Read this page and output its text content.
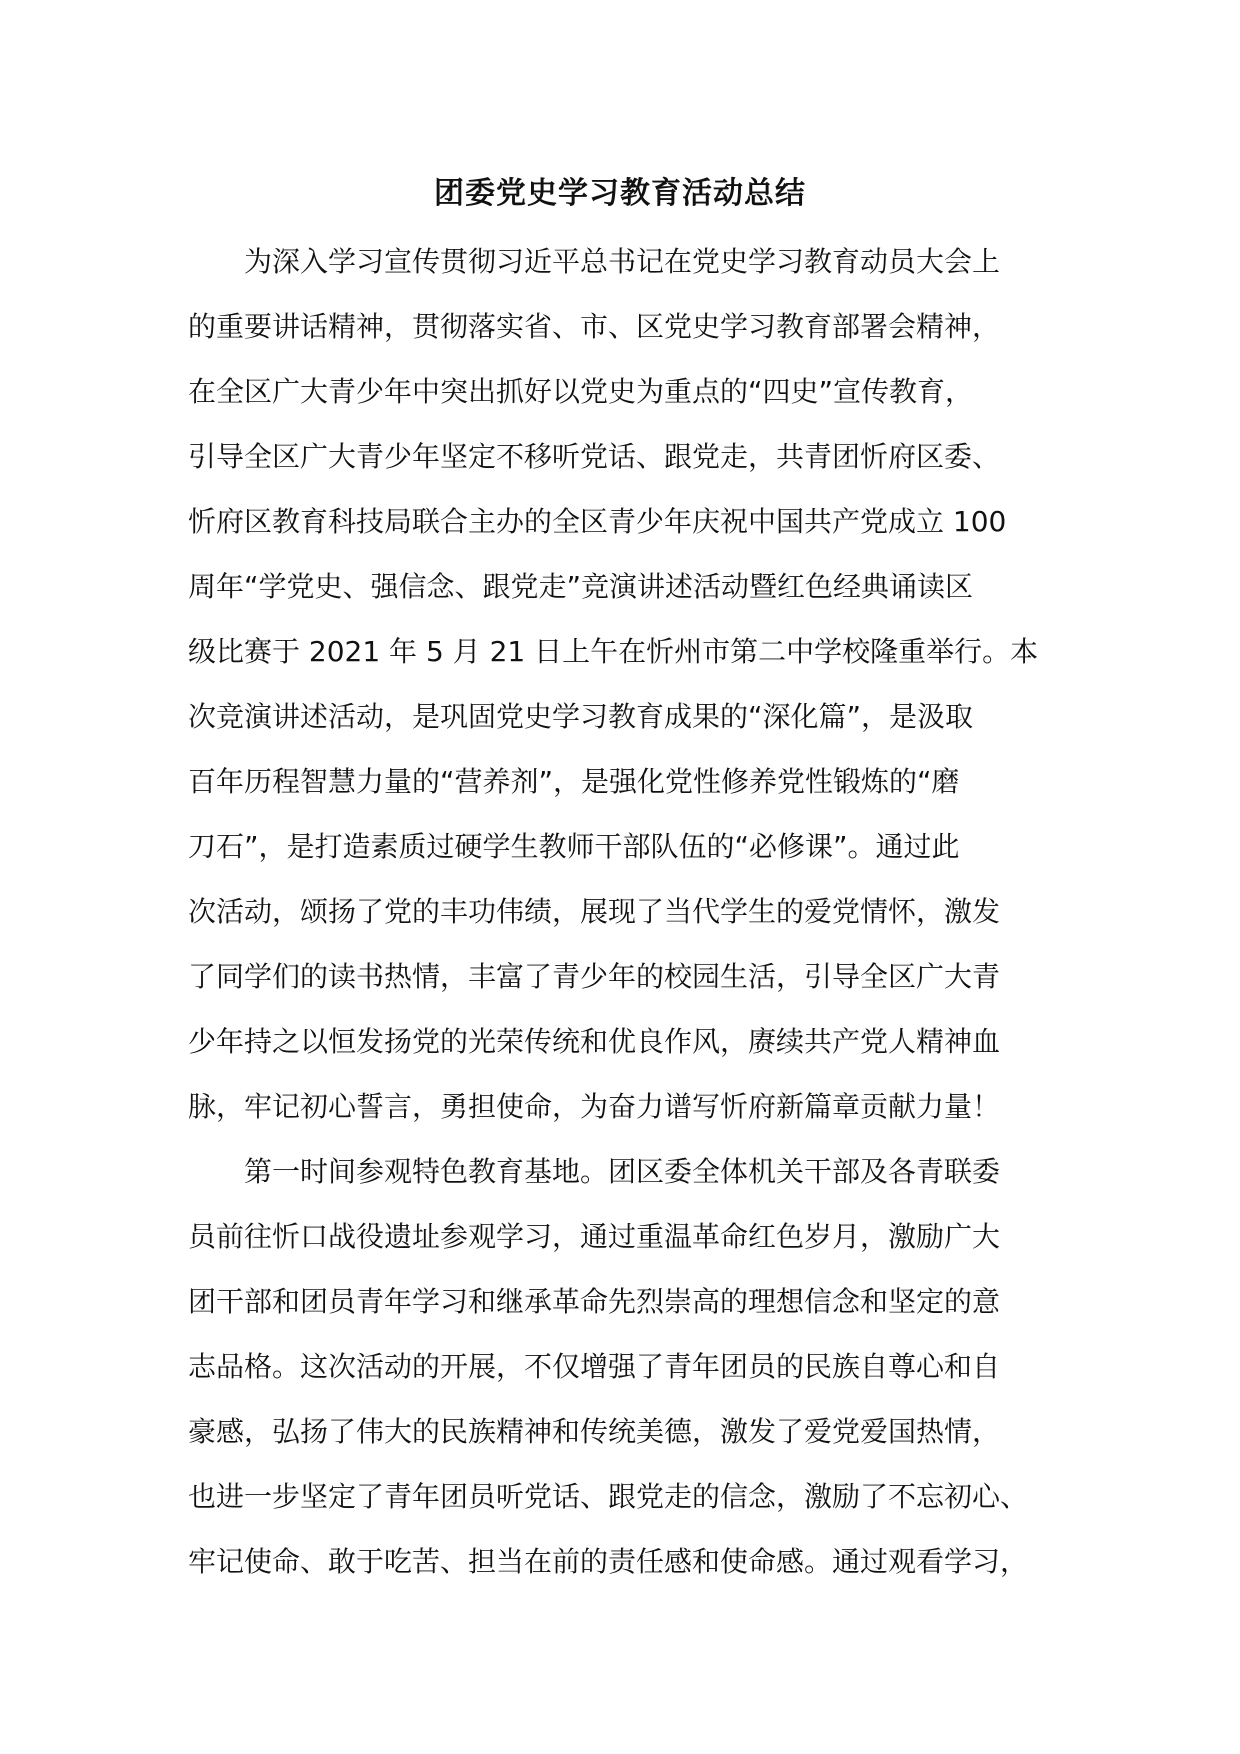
团委党史学习教育活动总结
为深入学习宣传贯彻习近平总书记在党史学习教育动员大会上
的重要讲话精神，贯彻落实省、市、区党史学习教育部署会精神，
在全区广大青少年中突出抓好以党史为重点的“四史”宣传教育，
引导全区广大青少年坚定不移听党话、跟党走，共青团忻府区委、
忻府区教育科技局联合主办的全区青少年庆祝中国共产党成立 100
周年“学党史、强信念、跟党走”竞演讲述活动暨红色经典诵读区
级比赛于 2021 年 5 月 21 日上午在忻州市第二中学校隆重举行。本
次竞演讲述活动，是巩固党史学习教育成果的“深化篇”，是汲取
百年历程智慧力量的“营养剂”，是强化党性修养党性锻炼的“磨
刀石”，是打造素质过硬学生教师干部队伍的“必修课”。通过此
次活动，颂扬了党的丰功伟绩，展现了当代学生的爱党情怀，激发
了同学们的读书热情，丰富了青少年的校园生活，引导全区广大青
少年持之以恒发扬党的光荣传统和优良作风，赓续共产党人精神血
脉，牢记初心誓言，勇担使命，为奋力谱写忻府新篇章贡献力量！
第一时间参观特色教育基地。团区委全体机关干部及各青联委
员前往忻口战役遗址参观学习，通过重温革命红色岁月，激励广大
团干部和团员青年学习和继承革命先烈崇高的理想信念和坚定的意
志品格。这次活动的开展，不仅增强了青年团员的民族自尊心和自
豪感，弘扬了伟大的民族精神和传统美德，激发了爱党爱国热情，
也进一步坚定了青年团员听党话、跟党走的信念，激励了不忘初心、
牢记使命、敢于吃苦、担当在前的责任感和使命感。通过观看学习，
